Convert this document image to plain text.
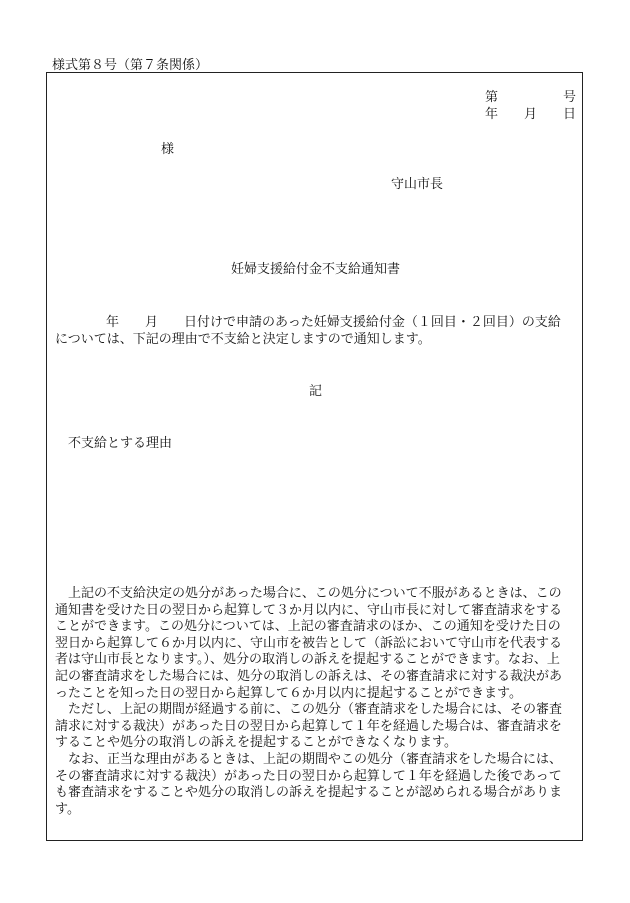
様式第８号（第７条関係）
第	号
年 月 日
様
守山市長
妊婦支援給付金不支給通知書
年 月 日付けで申請のあった妊婦支援給付金（１回目・２回目）の支給
については、下記の理由で不支給と決定しますので通知します。
記
不支給とする理由
　上記の不支給決定の処分があった場合に、この処分について不服があるときは、この
通知書を受けた日の翌日から起算して３か月以内に、守山市長に対して審査請求をする
ことができます。この処分については、上記の審査請求のほか、この通知を受けた日の
翌日から起算して６か月以内に、守山市を被告として（訴訟において守山市を代表する
者は守山市長となります。）、処分の取消しの訴えを提起することができます。なお、上
記の審査請求をした場合には、処分の取消しの訴えは、その審査請求に対する裁決があ
ったことを知った日の翌日から起算して６か月以内に提起することができます。
　ただし、上記の期間が経過する前に、この処分（審査請求をした場合には、その審査
請求に対する裁決）があった日の翌日から起算して１年を経過した場合は、審査請求を
することや処分の取消しの訴えを提起することができなくなります。
　なお、正当な理由があるときは、上記の期間やこの処分（審査請求をした場合には、
その審査請求に対する裁決）があった日の翌日から起算して１年を経過した後であって
も審査請求をすることや処分の取消しの訴えを提起することが認められる場合がありま
す。
